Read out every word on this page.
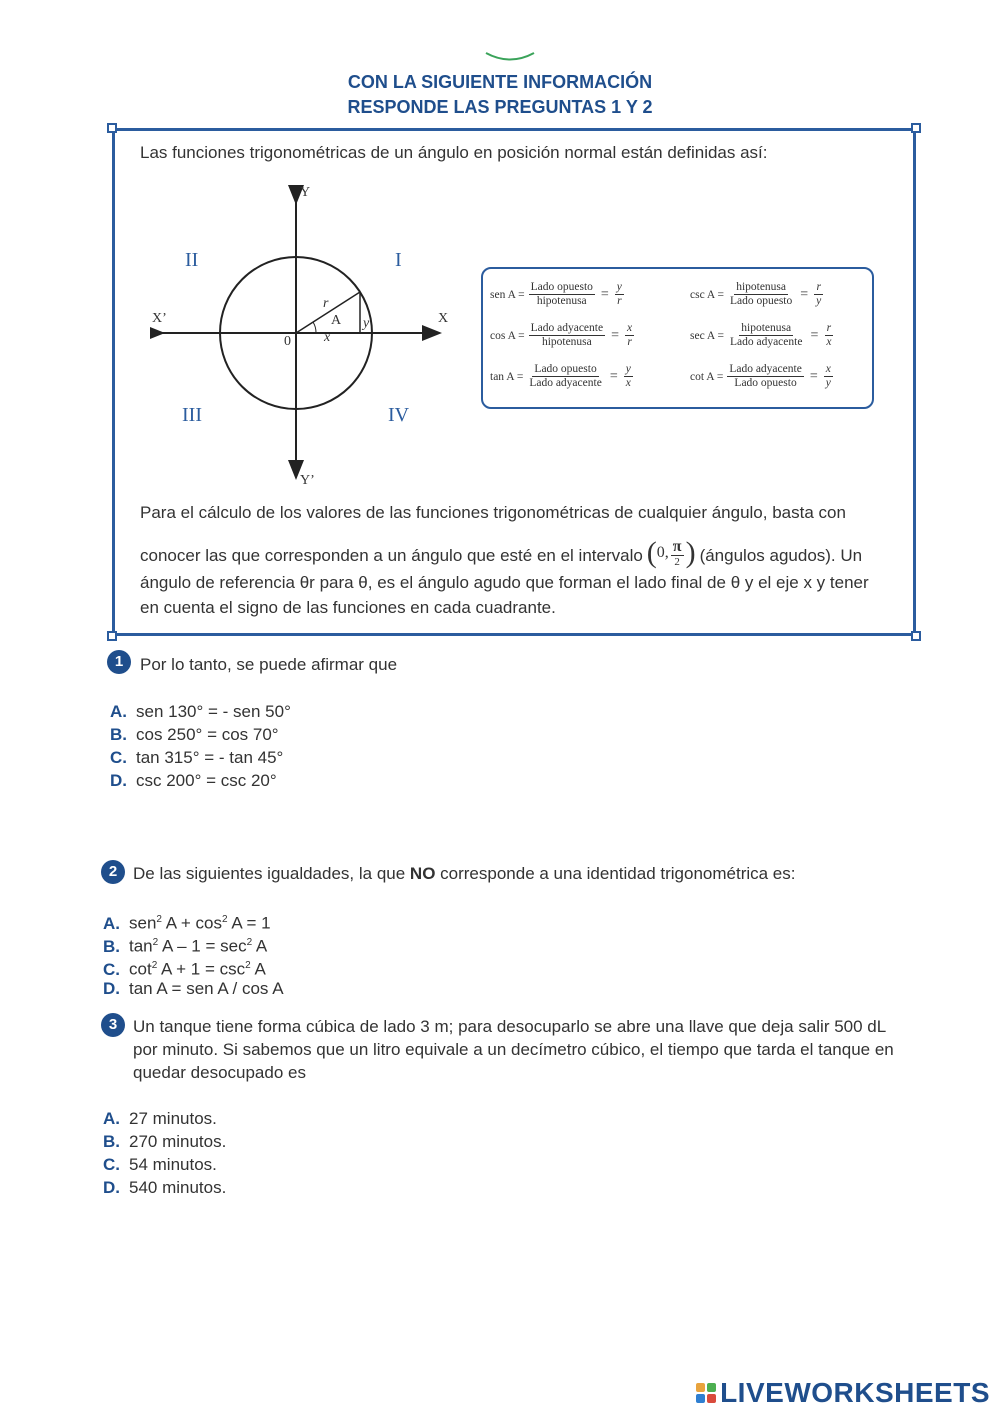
CON LA SIGUIENTE INFORMACIÓN
RESPONDE LAS PREGUNTAS 1 Y 2
Las funciones trigonométricas de un ángulo en posición normal están definidas así:
Y
Y’
X
X’
0
r
A
x
y
I
II
III	IV
sen $A = \frac{\text{Lado opuesto}}{\text{hipotenusa}} = \frac{y}{r}$	$\csc A = \frac{\text{hipotenusa}}{\text{Lado opuesto}} = \frac{r}{y}$
$\cos A = \frac{\text{Lado adyacente}}{\text{hipotenusa}} = \frac{x}{r}$	$\sec A = \frac{\text{hipotenusa}}{\text{Lado adyacente}} = \frac{r}{x}$
$\tan A = \frac{\text{Lado opuesto}}{\text{Lado adyacente}} = \frac{y}{x}$	$\cot A = \frac{\text{Lado adyacente}}{\text{Lado opuesto}} = \frac{x}{y}$
Para el cálculo de los valores de las funciones trigonométricas de cualquier ángulo, basta con
conocer las que corresponden a un ángulo que esté en el intervalo ( 0, $\frac{\pi}{2}$ ) (ángulos agudos). Un
ángulo de referencia θr para θ, es el ángulo agudo que forman el lado final de θ y el eje x y tener
en cuenta el signo de las funciones en cada cuadrante.
1 Por lo tanto, se puede afirmar que
A. sen 130° = - sen 50°
B. cos 250° = cos 70°
C. tan 315° = - tan 45°
D. csc 200° = csc 20°
2 De las siguientes igualdades, la que NO corresponde a una identidad trigonométrica es:
A. sen$^2$ $A + \cos^2 A = 1$
B. $\tan^2 A - 1 = \sec^2 A$
C. $\cot^2 A + 1 = \csc^2 A$
D. tan A = sen A / cos A
3 Un tanque tiene forma cúbica de lado 3 m; para desocuparlo se abre una llave que deja salir 500 dL
por minuto. Si sabemos que un litro equivale a un decímetro cúbico, el tiempo que tarda el tanque en
quedar desocupado es
A. 27 minutos.
B. 270 minutos.
C. 54 minutos.
D. 540 minutos.
LIVEWORKSHEETS
